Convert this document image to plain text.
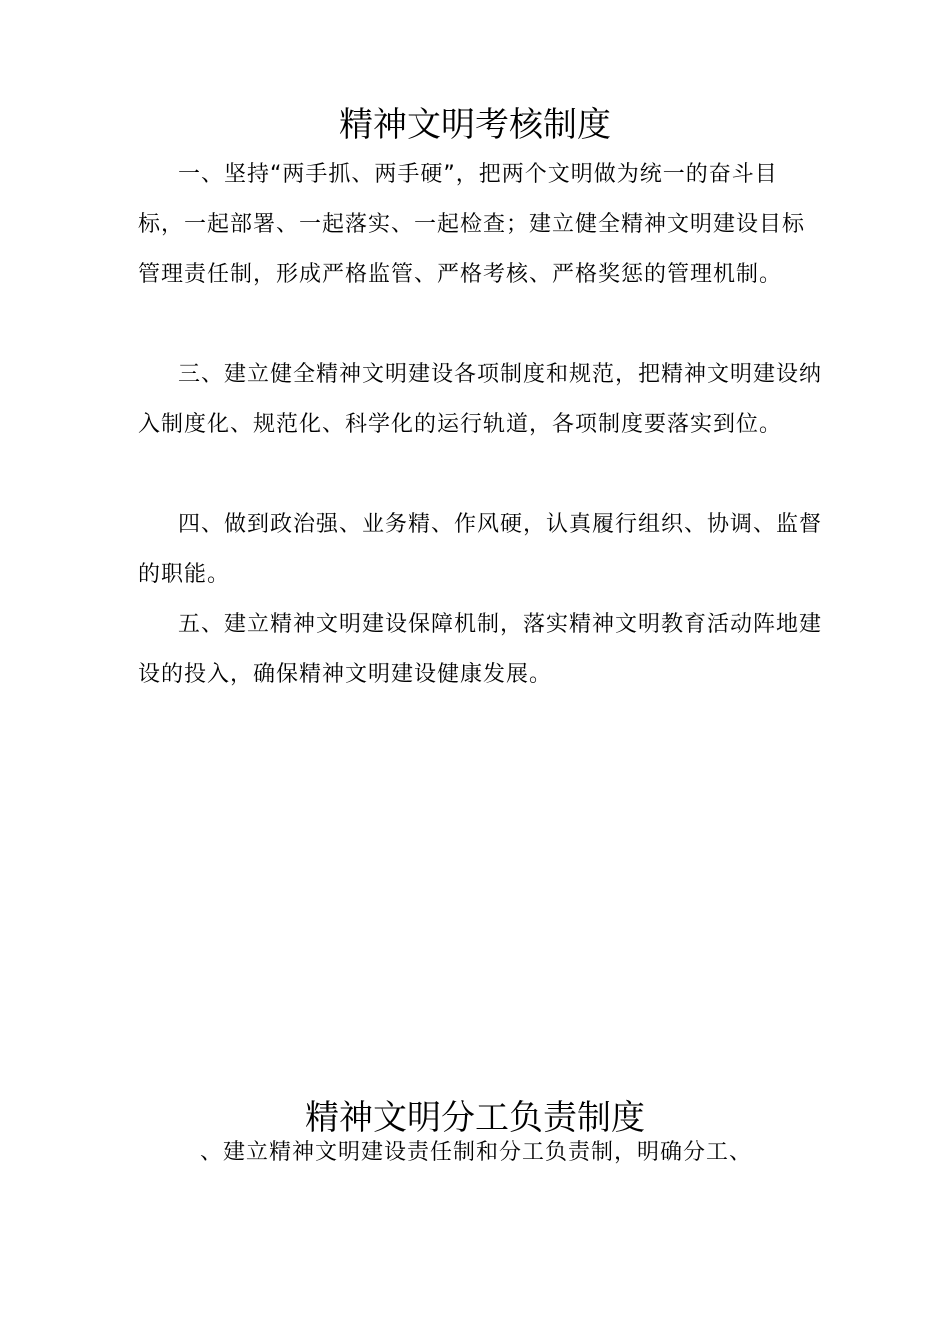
精神文明考核制度

一、坚持“两手抓、两手硬”，把两个文明做为统一的奋斗目标，一起部署、一起落实、一起检查；建立健全精神文明建设目标管理责任制，形成严格监管、严格考核、严格奖惩的管理机制。

三、建立健全精神文明建设各项制度和规范，把精神文明建设纳入制度化、规范化、科学化的运行轨道，各项制度要落实到位。

四、做到政治强、业务精、作风硬，认真履行组织、协调、监督的职能。

五、建立精神文明建设保障机制，落实精神文明教育活动阵地建设的投入，确保精神文明建设健康发展。

精神文明分工负责制度

、建立精神文明建设责任制和分工负责制，明确分工、
